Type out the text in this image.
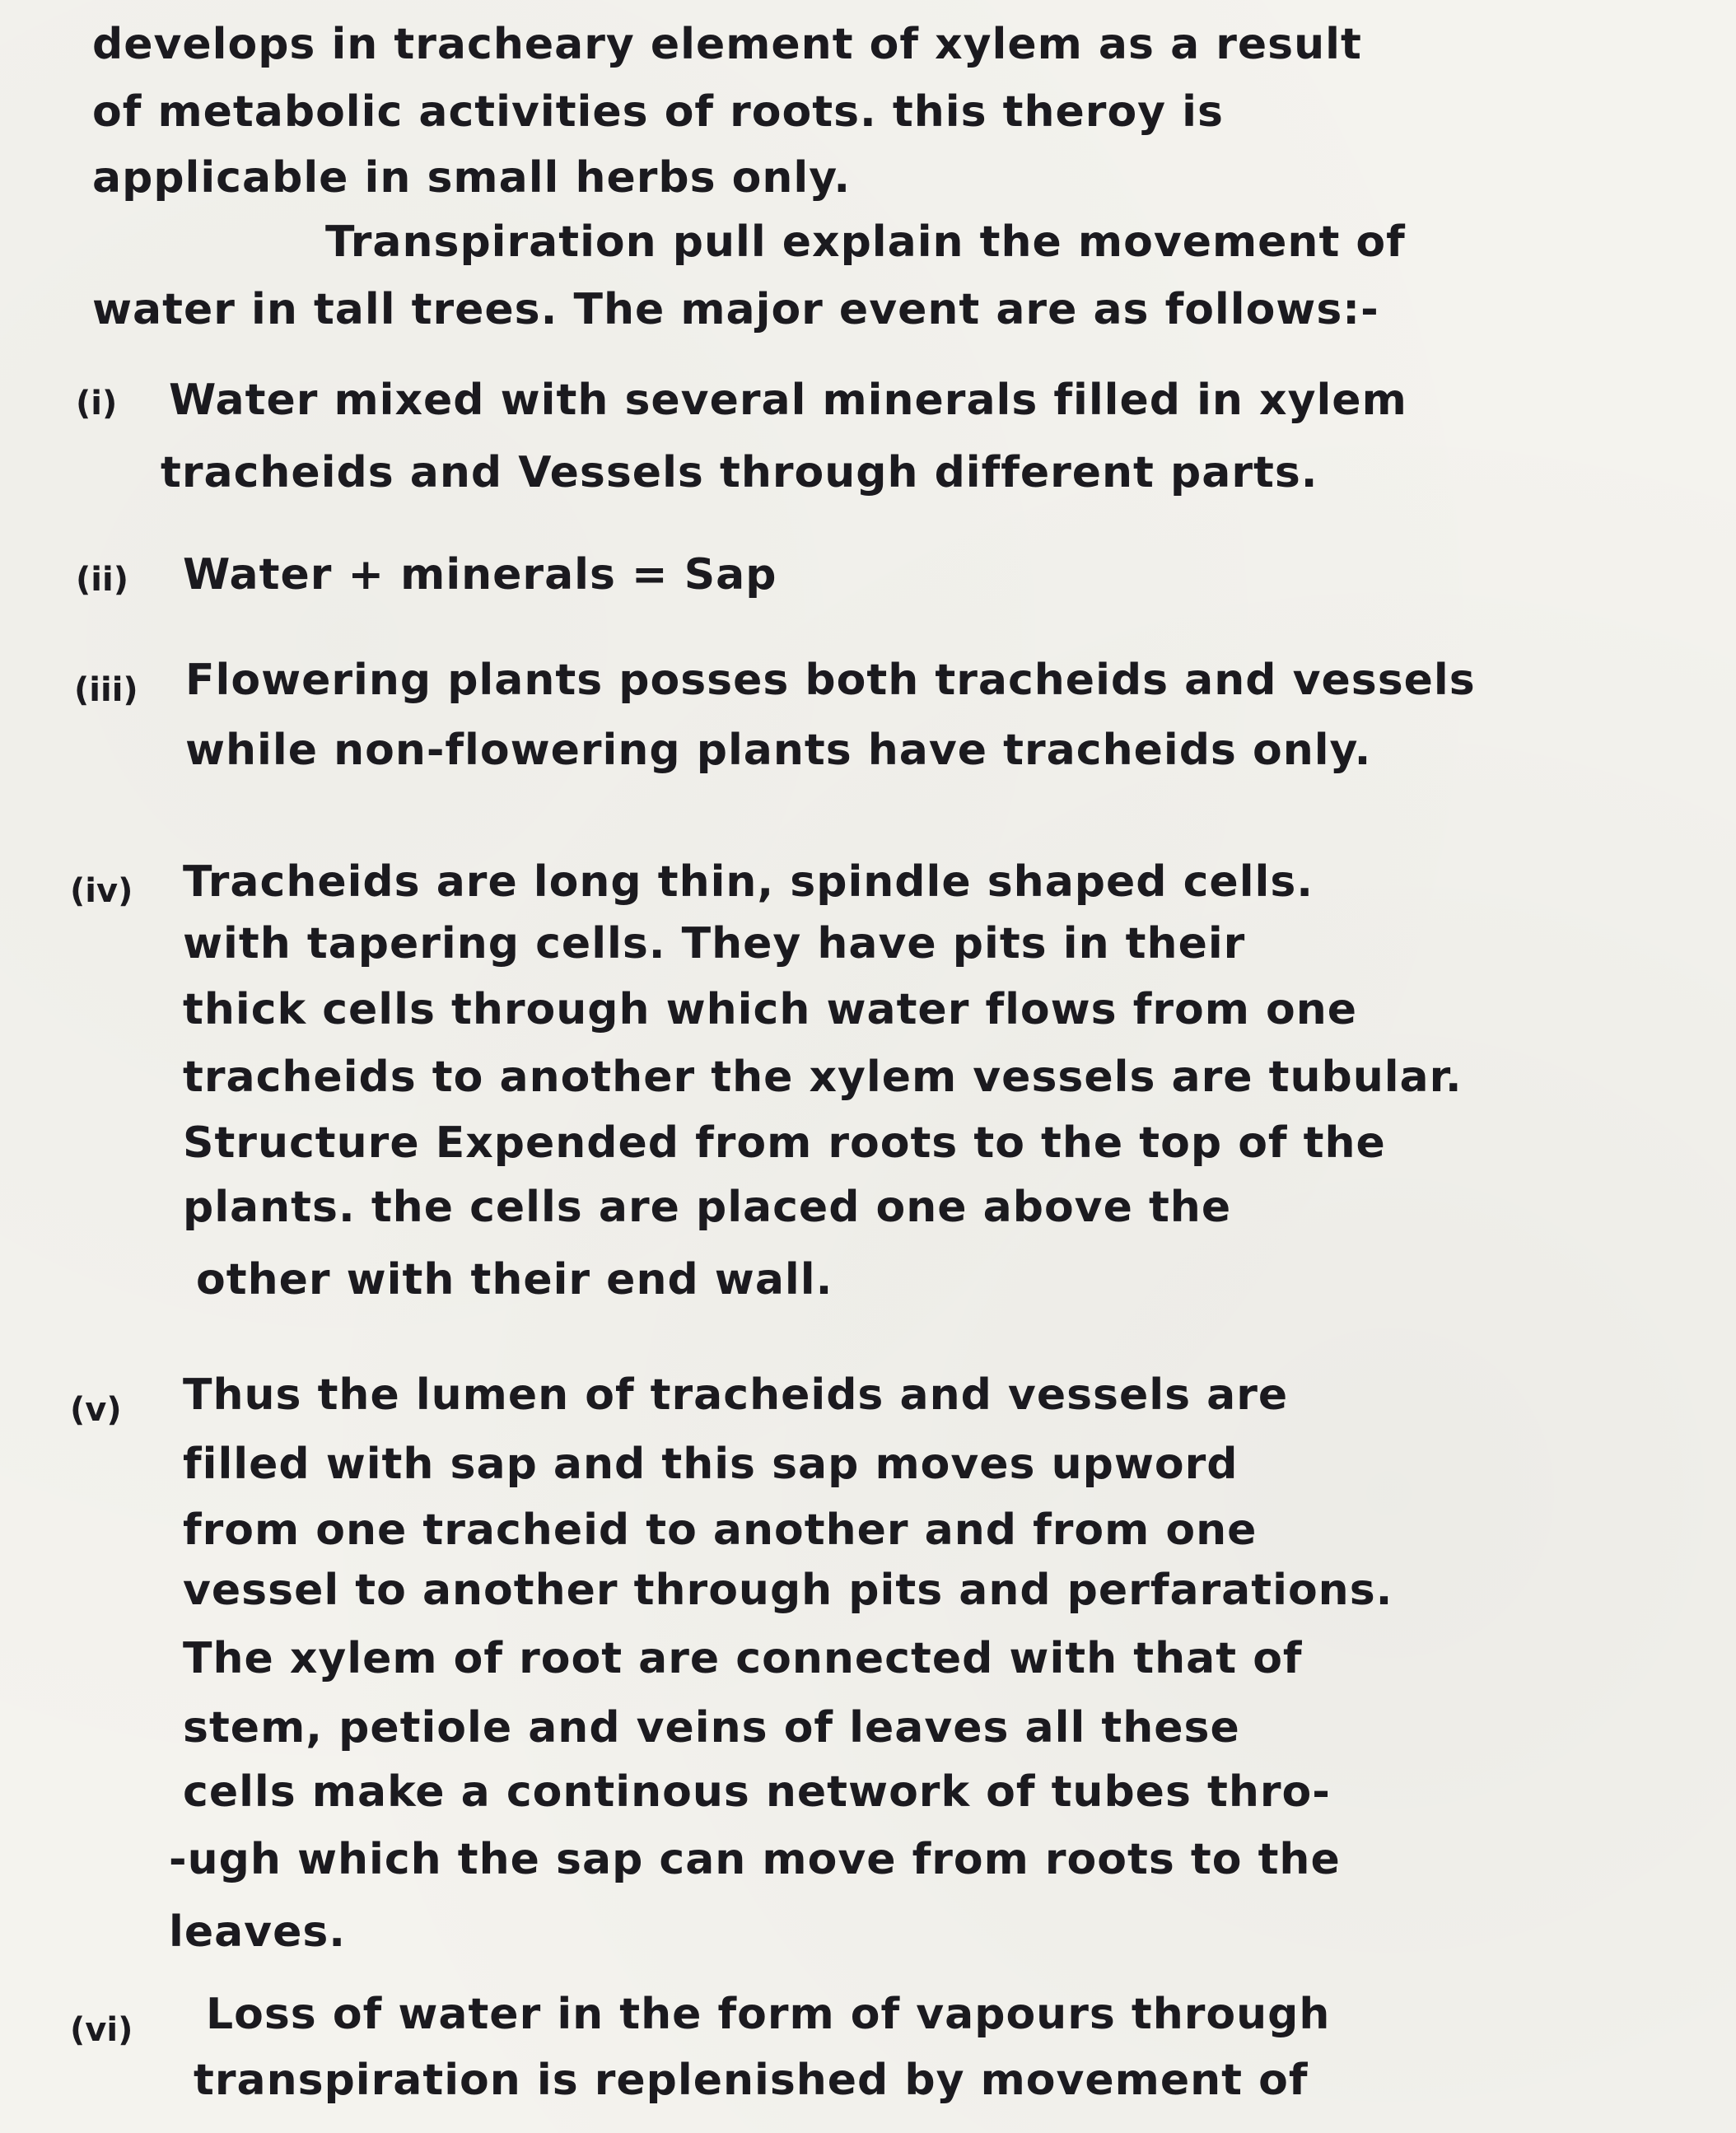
develops in tracheary element of xylem as a result

of metabolic activities of roots. this theroy is

applicable in small herbs only.

Transpiration pull explain the movement of

water in tall trees. The major event are as follows:-

(i) Water mixed with several minerals filled in xylem

tracheids and Vessels through different parts.

(ii) Water + minerals = Sap

(iii) Flowering plants posses both tracheids and vessels

while non-flowering plants have tracheids only.

(iv) Tracheids are long thin, spindle shaped cells.

with tapering cells. They have pits in their

thick cells through which water flows from one

tracheids to another the xylem vessels are tubular.

Structure Expended from roots to the top of the

plants. the cells are placed one above the

other with their end wall.

(v) Thus the lumen of tracheids and vessels are

filled with sap and this sap moves upword

from one tracheid to another and from one

vessel to another through pits and perfarations.

The xylem of root are connected with that of

stem, petiole and veins of leaves all these

cells make a continous network of tubes thro-

-ugh which the sap can move from roots to the

leaves.

(vi) Loss of water in the form of vapours through

transpiration is replenished by movement of
